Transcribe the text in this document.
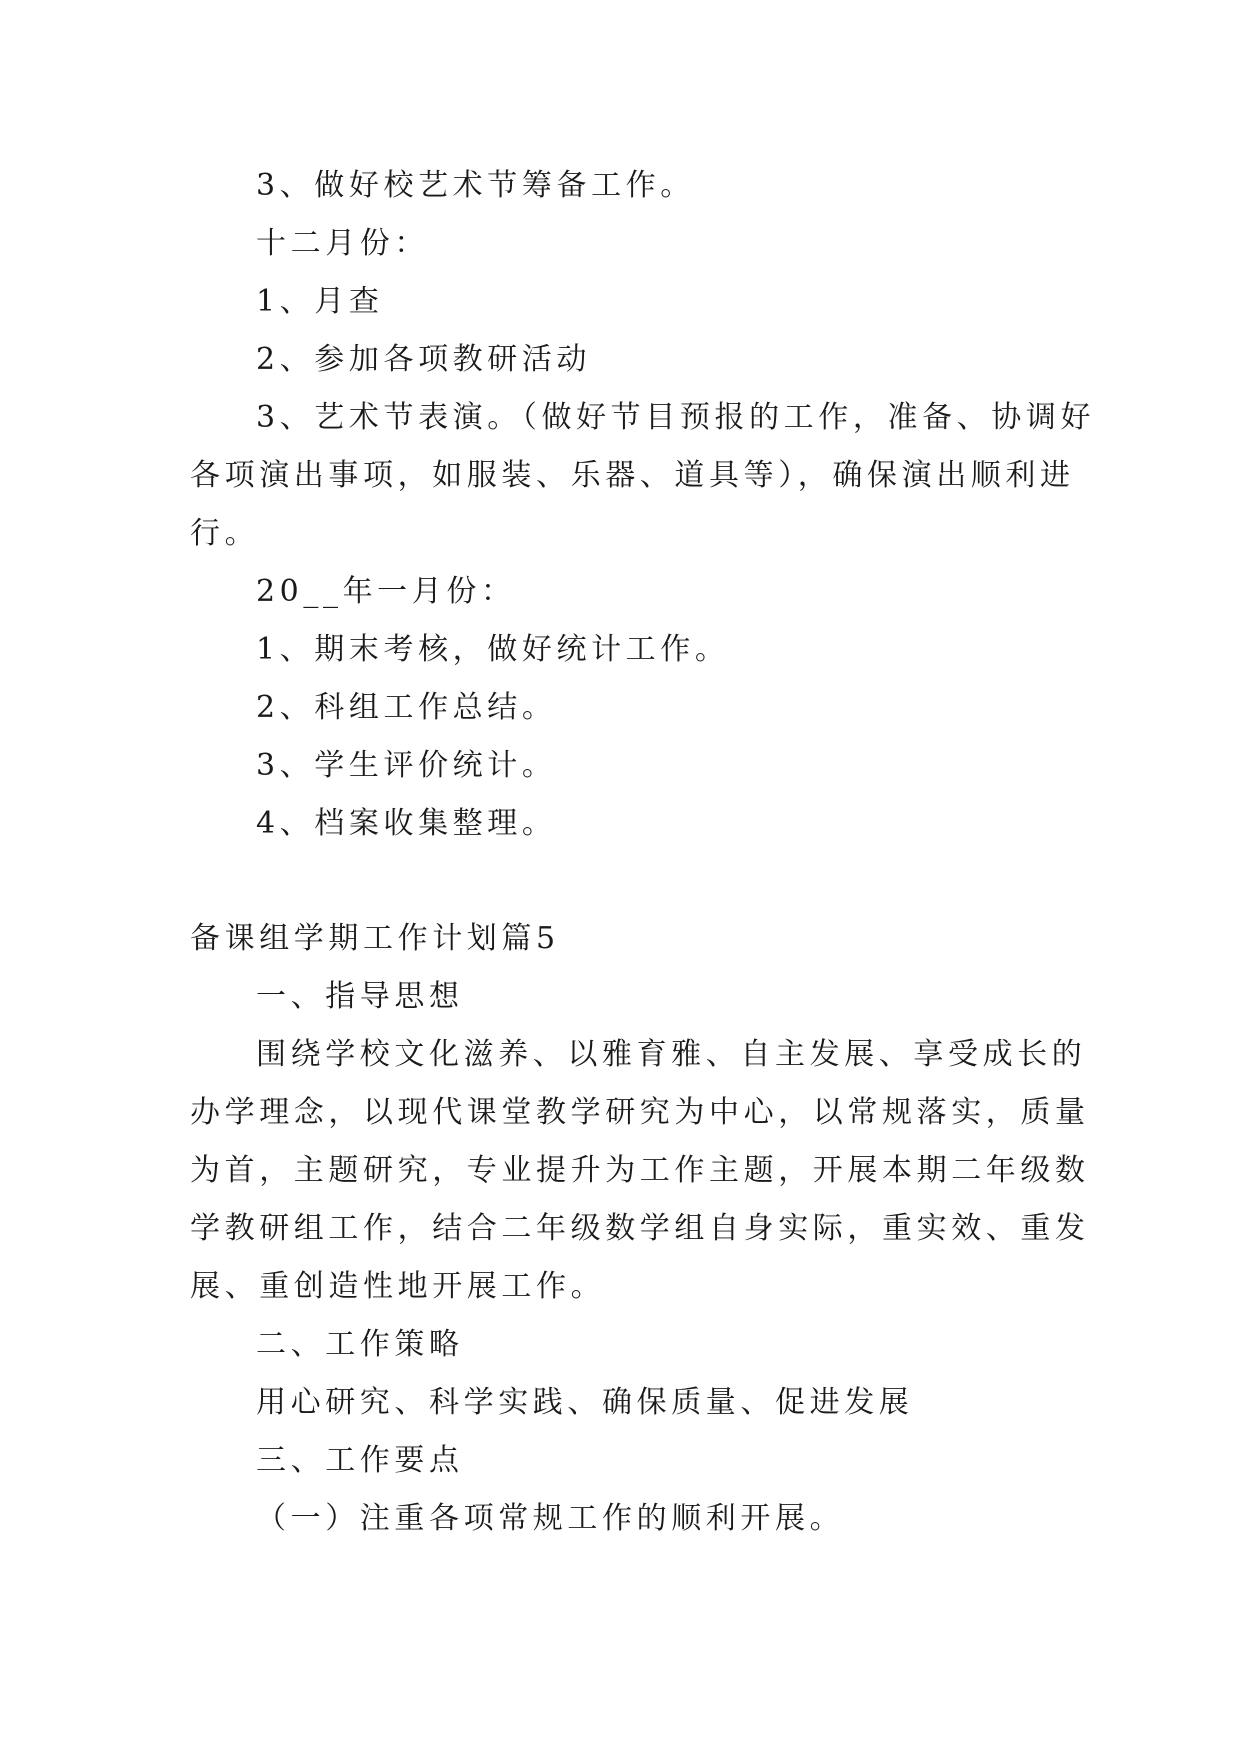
3、做好校艺术节筹备工作。
十二月份：
1、月查
2、参加各项教研活动
3、艺术节表演。（做好节目预报的工作，准备、协调好
各项演出事项，如服装、乐器、道具等），确保演出顺利进
行。
20__年一月份：
1、期末考核，做好统计工作。
2、科组工作总结。
3、学生评价统计。
4、档案收集整理。
备课组学期工作计划篇5
一、指导思想
围绕学校文化滋养、以雅育雅、自主发展、享受成长的
办学理念，以现代课堂教学研究为中心，以常规落实，质量
为首，主题研究，专业提升为工作主题，开展本期二年级数
学教研组工作，结合二年级数学组自身实际，重实效、重发
展、重创造性地开展工作。
二、工作策略
用心研究、科学实践、确保质量、促进发展
三、工作要点
（一）注重各项常规工作的顺利开展。
